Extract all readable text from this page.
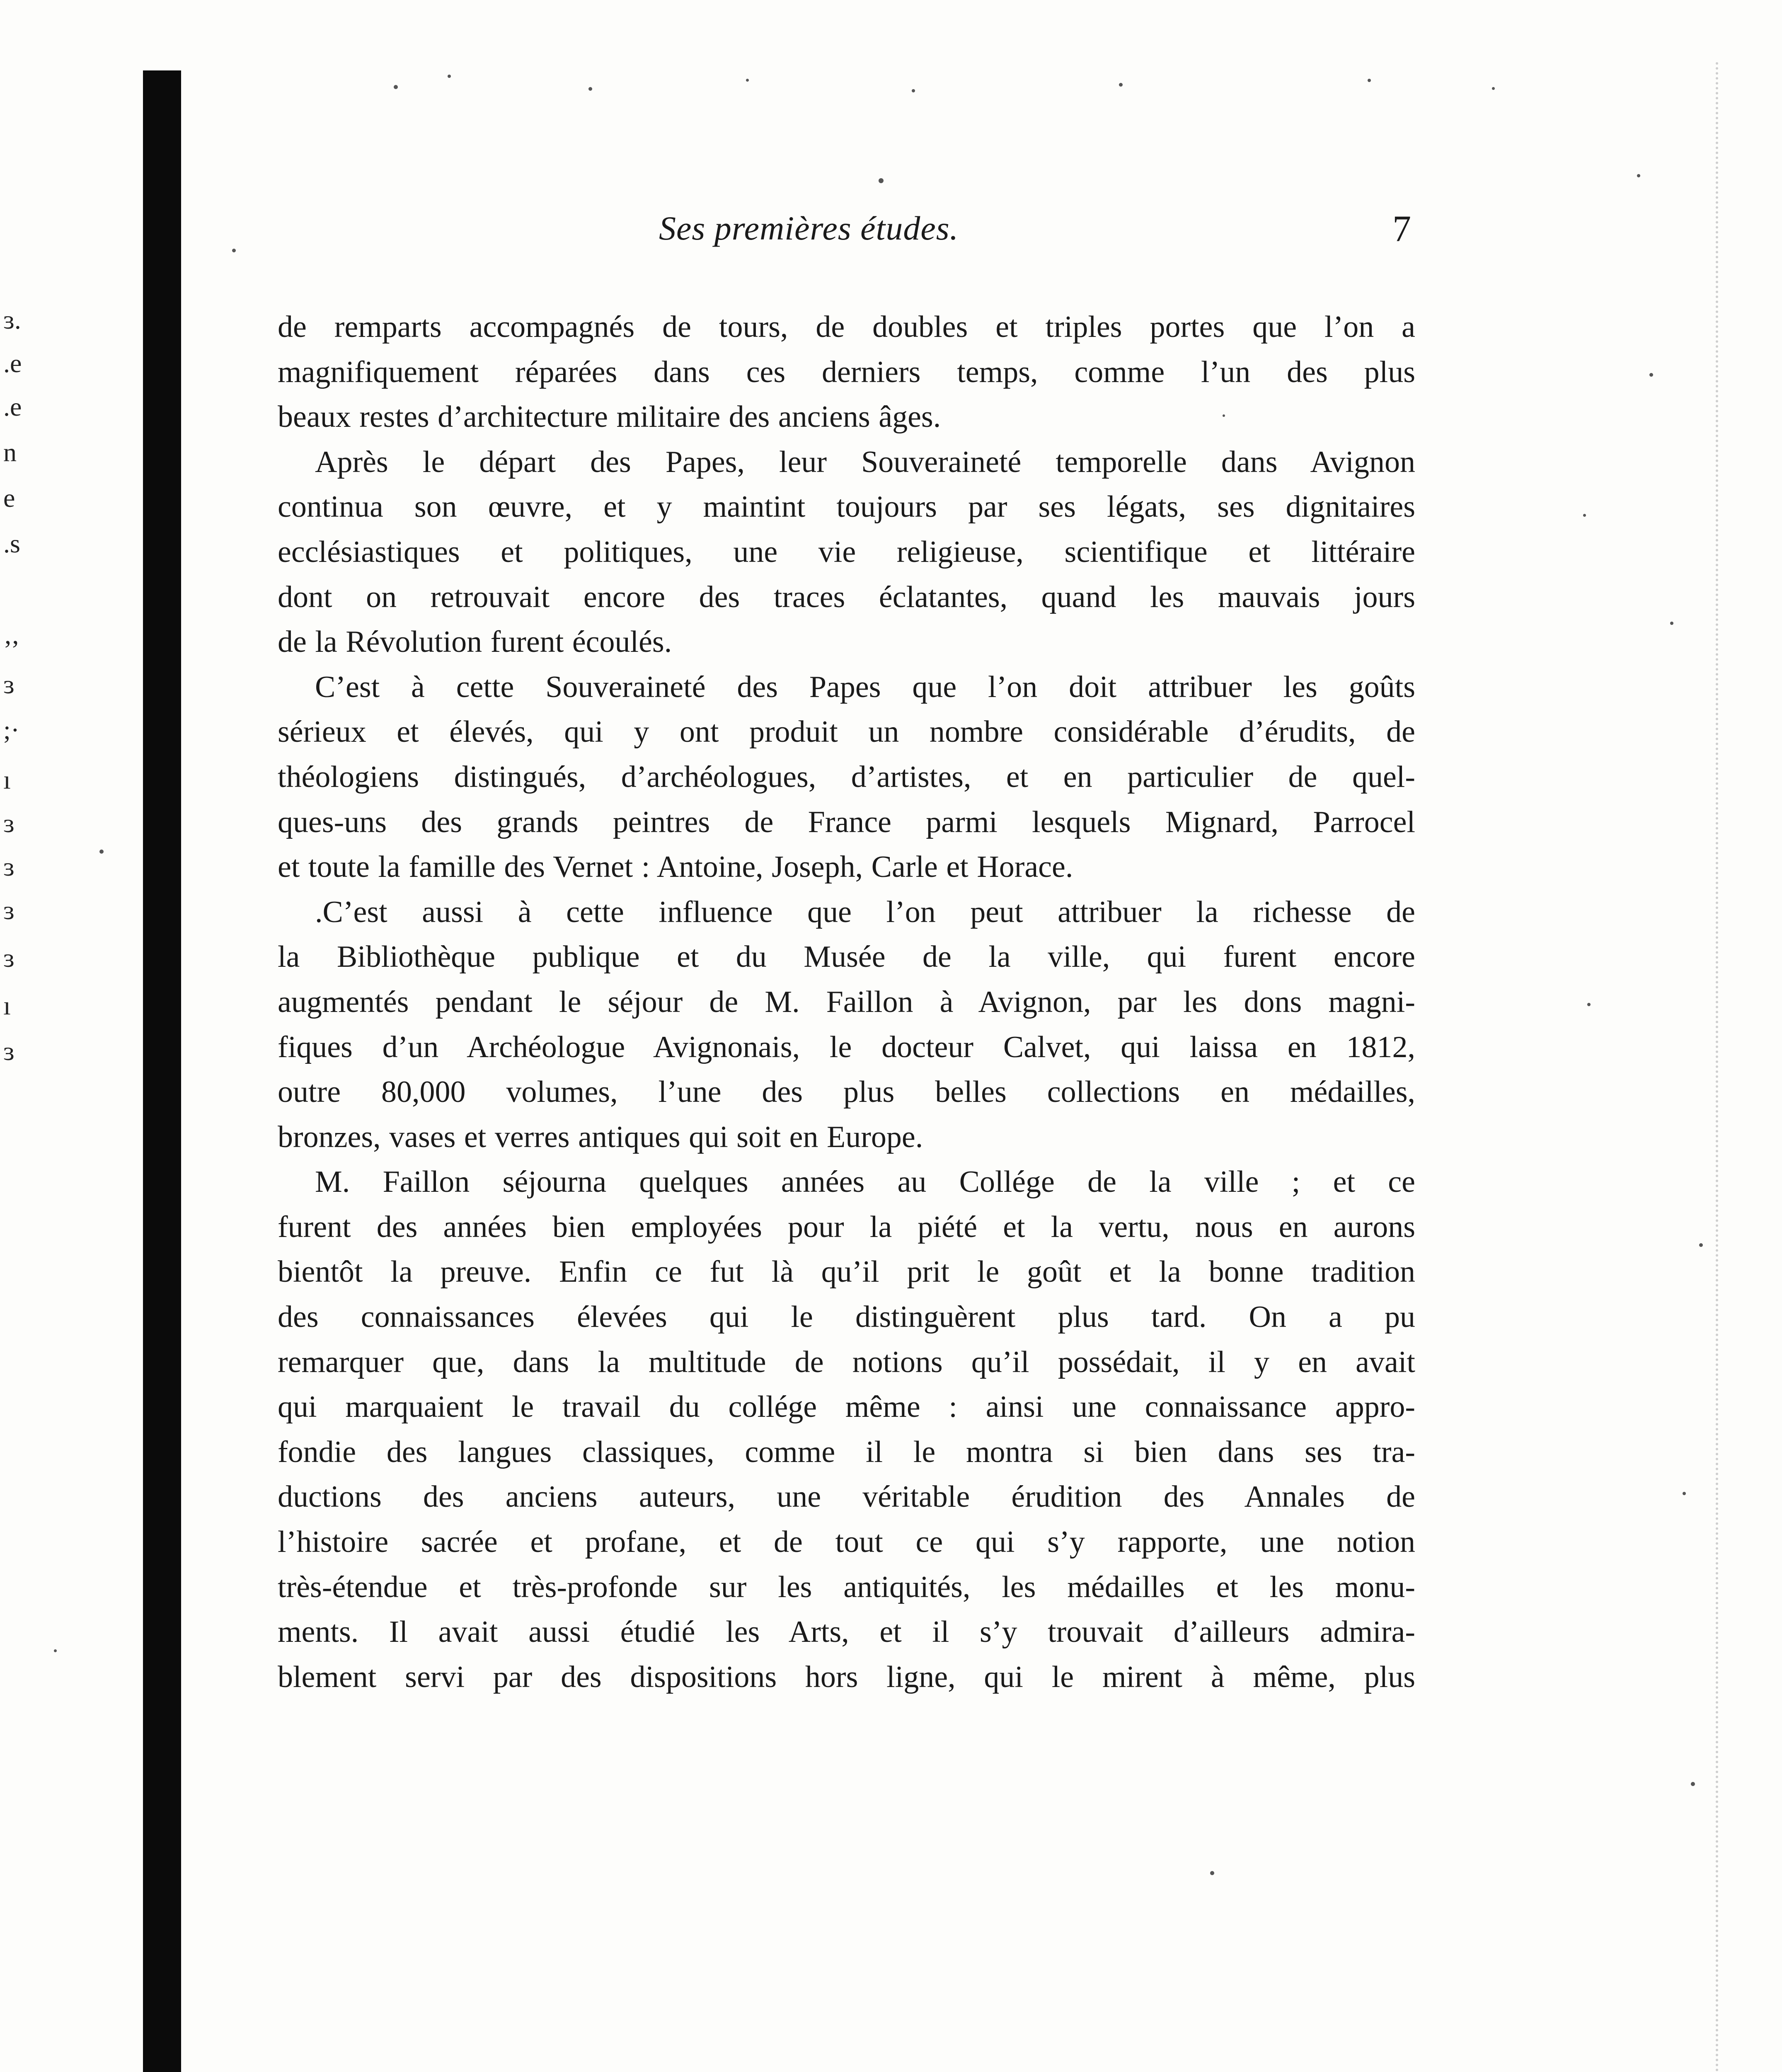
ɜ.
.e
.e
n
e
.s
‚,
ɜ
;·
ı
ɜ
ɜ
ɜ
ɜ
ı
ɜ
Ses premières études.	7
de remparts accompagnés de tours, de doubles et triples portes que l’on a
magnifiquement réparées dans ces derniers temps, comme l’un des plus
beaux restes d’architecture militaire des anciens âges.
Après le départ des Papes, leur Souveraineté temporelle dans Avignon
continua son œuvre, et y maintint toujours par ses légats, ses dignitaires
ecclésiastiques et politiques, une vie religieuse, scientifique et littéraire
dont on retrouvait encore des traces éclatantes, quand les mauvais jours
de la Révolution furent écoulés.
C’est à cette Souveraineté des Papes que l’on doit attribuer les goûts
sérieux et élevés, qui y ont produit un nombre considérable d’érudits, de
théologiens distingués, d’archéologues, d’artistes, et en particulier de quel-
ques-uns des grands peintres de France parmi lesquels Mignard, Parrocel
et toute la famille des Vernet : Antoine, Joseph, Carle et Horace.
.C’est aussi à cette influence que l’on peut attribuer la richesse de
la Bibliothèque publique et du Musée de la ville, qui furent encore
augmentés pendant le séjour de M. Faillon à Avignon, par les dons magni-
fiques d’un Archéologue Avignonais, le docteur Calvet, qui laissa en 1812,
outre 80,000 volumes, l’une des plus belles collections en médailles,
bronzes, vases et verres antiques qui soit en Europe.
M. Faillon séjourna quelques années au Collége de la ville ; et ce
furent des années bien employées pour la piété et la vertu, nous en aurons
bientôt la preuve. Enfin ce fut là qu’il prit le goût et la bonne tradition
des connaissances élevées qui le distinguèrent plus tard. On a pu
remarquer que, dans la multitude de notions qu’il possédait, il y en avait
qui marquaient le travail du collége même : ainsi une connaissance appro-
fondie des langues classiques, comme il le montra si bien dans ses tra-
ductions des anciens auteurs, une véritable érudition des Annales de
l’histoire sacrée et profane, et de tout ce qui s’y rapporte, une notion
très-étendue et très-profonde sur les antiquités, les médailles et les monu-
ments. Il avait aussi étudié les Arts, et il s’y trouvait d’ailleurs admira-
blement servi par des dispositions hors ligne, qui le mirent à même, plus
